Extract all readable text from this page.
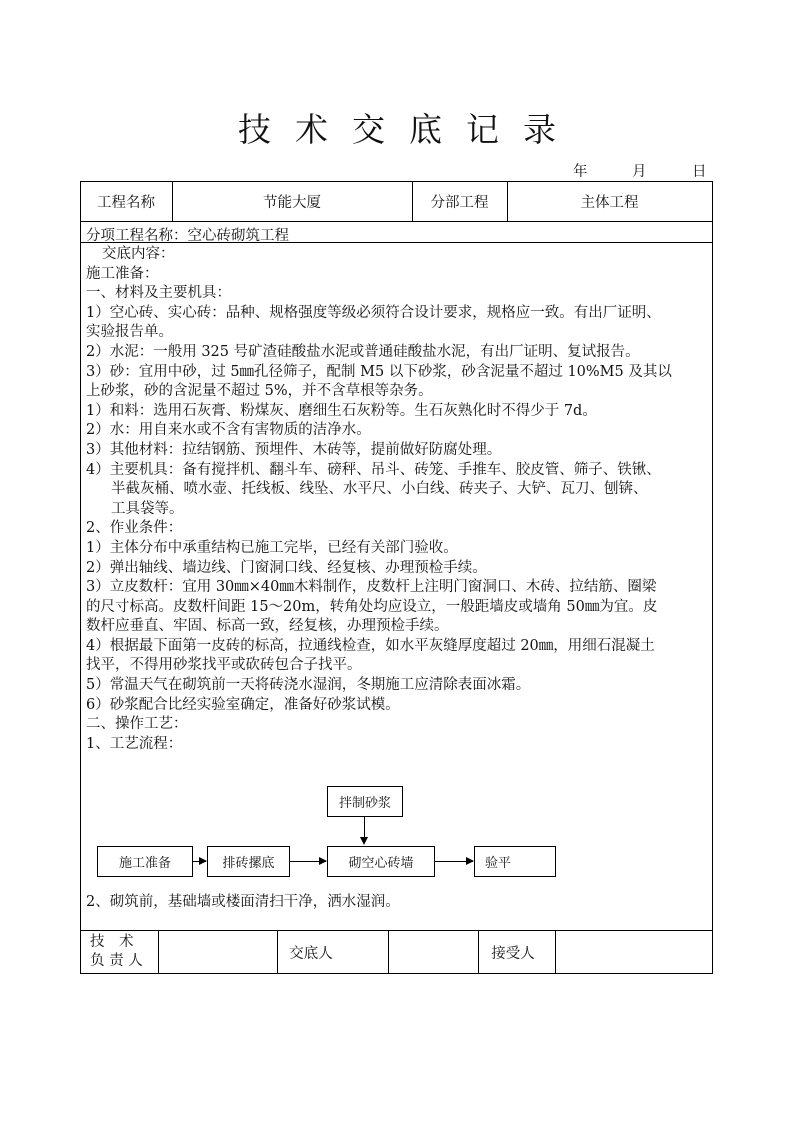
技术交底记录
年	月	日
工程名称	节能大厦	分部工程	主体工程
分项工程名称：空心砖砌筑工程
交底内容：
施工准备：
一、材料及主要机具：
1）空心砖、实心砖：品种、规格强度等级必须符合设计要求，规格应一致。有出厂证明、
实验报告单。
2）水泥：一般用 325 号矿渣硅酸盐水泥或普通硅酸盐水泥，有出厂证明、复试报告。
3）砂：宜用中砂，过 5㎜孔径筛子，配制 M5 以下砂浆，砂含泥量不超过 10%M5 及其以
上砂浆，砂的含泥量不超过 5%，并不含草根等杂务。
1）和料：选用石灰膏、粉煤灰、磨细生石灰粉等。生石灰熟化时不得少于 7d。
2）水：用自来水或不含有害物质的洁净水。
3）其他材料：拉结钢筋、预埋件、木砖等，提前做好防腐处理。
4）主要机具：备有搅拌机、翻斗车、磅秤、吊斗、砖笼、手推车、胶皮管、筛子、铁锹、
半截灰桶、喷水壶、托线板、线坠、水平尺、小白线、砖夹子、大铲、瓦刀、刨锛、
工具袋等。
2、作业条件：
1）主体分布中承重结构已施工完毕，已经有关部门验收。
2）弹出轴线、墙边线、门窗洞口线、经复核、办理预检手续。
3）立皮数杆：宜用 30㎜×40㎜木料制作，皮数杆上注明门窗洞口、木砖、拉结筋、圈梁
的尺寸标高。皮数杆间距 15～20m，转角处均应设立，一般距墙皮或墙角 50㎜为宜。皮
数杆应垂直、牢固、标高一致，经复核，办理预检手续。
4）根据最下面第一皮砖的标高，拉通线检查，如水平灰缝厚度超过 20㎜，用细石混凝土
找平，不得用砂浆找平或砍砖包合子找平。
5）常温天气在砌筑前一天将砖浇水湿润，冬期施工应清除表面冰霜。
6）砂浆配合比经实验室确定，准备好砂浆试模。
二、操作工艺：
1、工艺流程：
拌制砂浆
施工准备	排砖摞底	砌空心砖墙	验平
2、砌筑前，基础墙或楼面清扫干净，洒水湿润。
技　术
负 责 人	交底人	接受人
